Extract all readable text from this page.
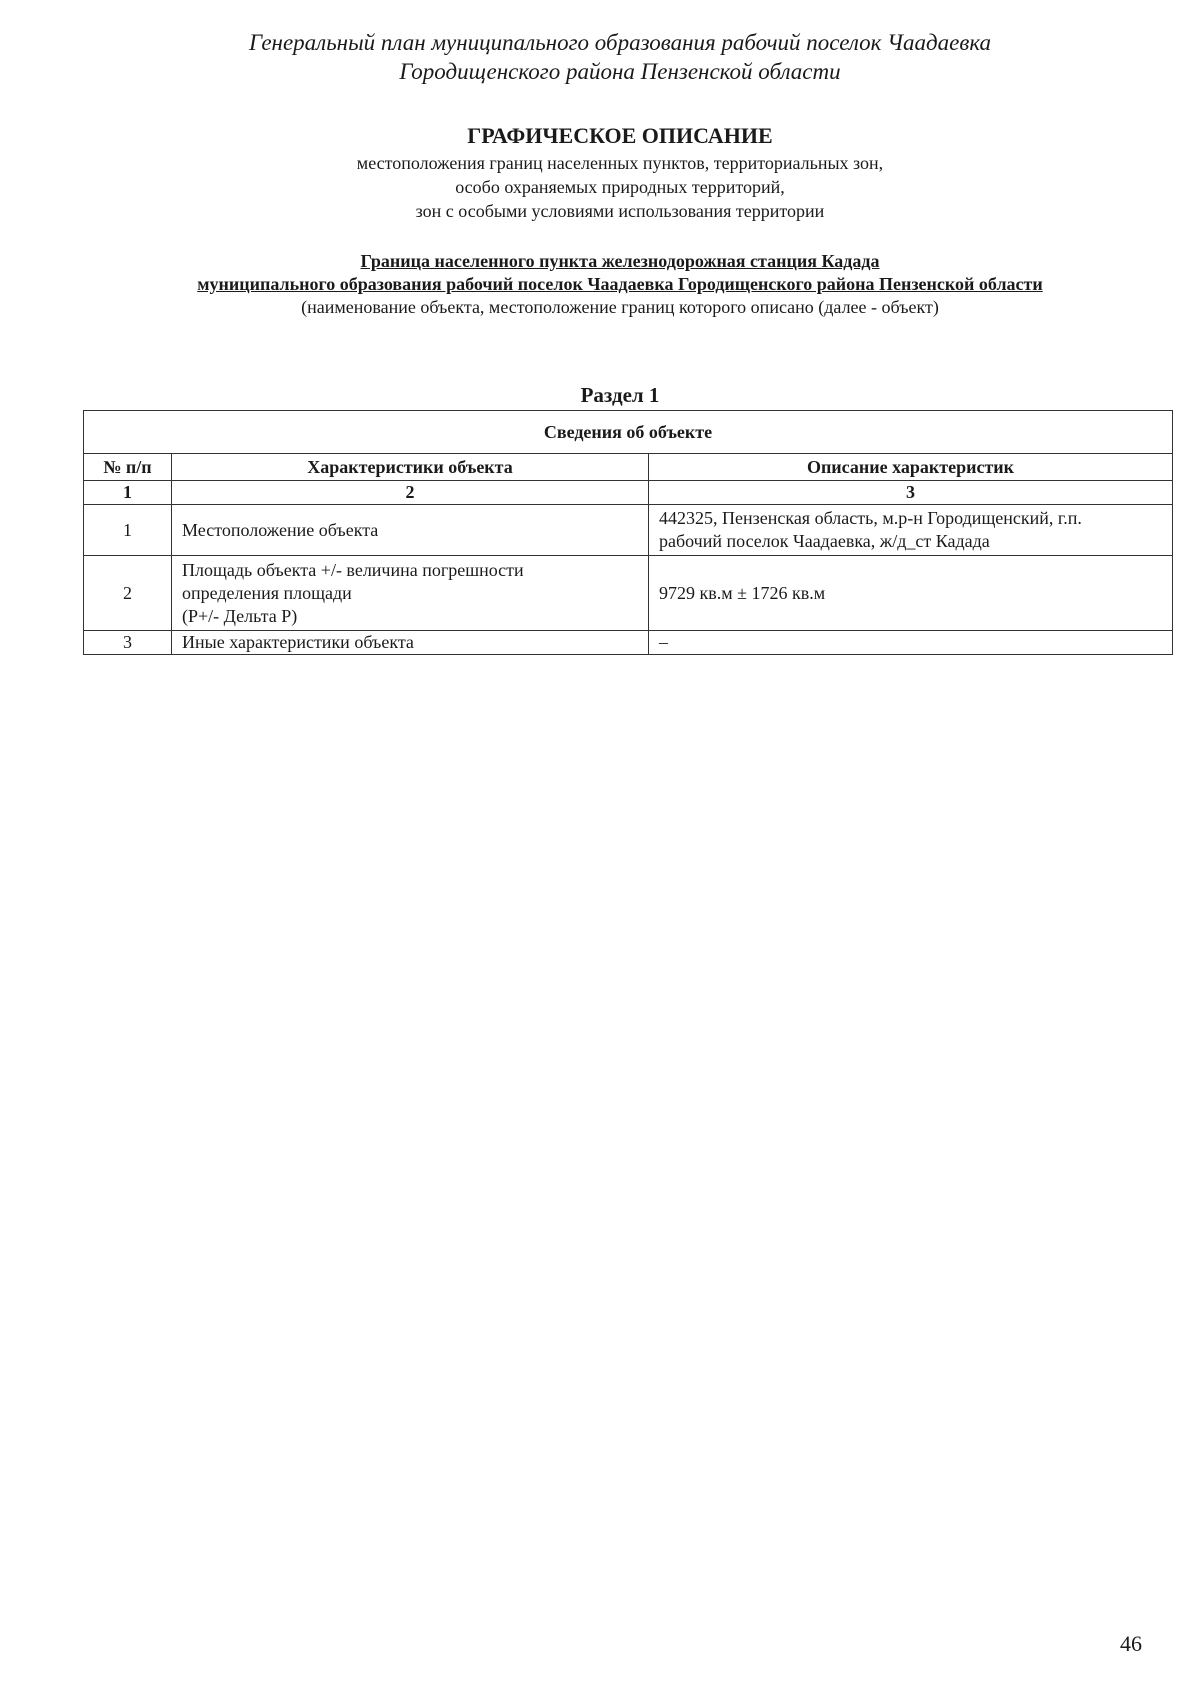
Генеральный план муниципального образования рабочий поселок Чаадаевка
Городищенского района Пензенской области
ГРАФИЧЕСКОЕ ОПИСАНИЕ
местоположения границ населенных пунктов, территориальных зон,
особо охраняемых природных территорий,
зон с особыми условиями использования территории
Граница населенного пункта железнодорожная станция Кадада
муниципального образования рабочий поселок Чаадаевка Городищенского района Пензенской области
(наименование объекта, местоположение границ которого описано (далее - объект)
Раздел 1
Сведения об объекте		
№ п/п	Характеристики объекта	Описание характеристик
1	2	3
1	Местоположение объекта	442325, Пензенская область, м.р-н Городищенский, г.п.
рабочий поселок Чаадаевка, ж/д_ст Кадада

2	Площадь объекта +/- величина погрешности
определения площади
(Р+/- Дельта Р)	9729 кв.м ± 1726 кв.м

3	Иные характеристики объекта	–
46
